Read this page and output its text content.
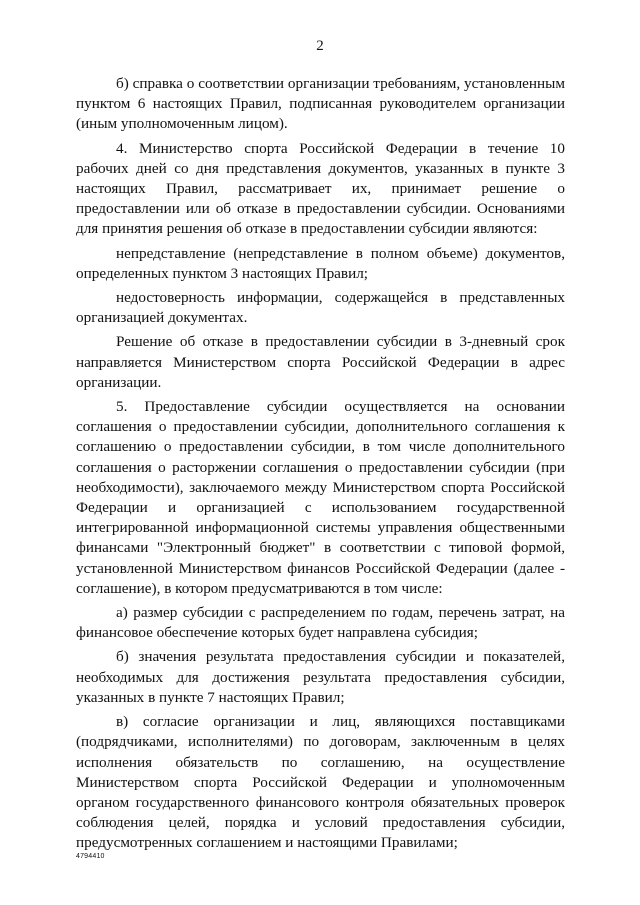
2

б) справка о соответствии организации требованиям, установленным пунктом 6 настоящих Правил, подписанная руководителем организации (иным уполномоченным лицом).

4. Министерство спорта Российской Федерации в течение 10 рабочих дней со дня представления документов, указанных в пункте 3 настоящих Правил, рассматривает их, принимает решение о предоставлении или об отказе в предоставлении субсидии. Основаниями для принятия решения об отказе в предоставлении субсидии являются:

непредставление (непредставление в полном объеме) документов, определенных пунктом 3 настоящих Правил;

недостоверность информации, содержащейся в представленных организацией документах.

Решение об отказе в предоставлении субсидии в 3-дневный срок направляется Министерством спорта Российской Федерации в адрес организации.

5. Предоставление субсидии осуществляется на основании соглашения о предоставлении субсидии, дополнительного соглашения к соглашению о предоставлении субсидии, в том числе дополнительного соглашения о расторжении соглашения о предоставлении субсидии (при необходимости), заключаемого между Министерством спорта Российской Федерации и организацией с использованием государственной интегрированной информационной системы управления общественными финансами "Электронный бюджет" в соответствии с типовой формой, установленной Министерством финансов Российской Федерации (далее - соглашение), в котором предусматриваются в том числе:

а) размер субсидии с распределением по годам, перечень затрат, на финансовое обеспечение которых будет направлена субсидия;

б) значения результата предоставления субсидии и показателей, необходимых для достижения результата предоставления субсидии, указанных в пункте 7 настоящих Правил;

в) согласие организации и лиц, являющихся поставщиками (подрядчиками, исполнителями) по договорам, заключенным в целях исполнения обязательств по соглашению, на осуществление Министерством спорта Российской Федерации и уполномоченным органом государственного финансового контроля обязательных проверок соблюдения целей, порядка и условий предоставления субсидии, предусмотренных соглашением и настоящими Правилами;

4794410
